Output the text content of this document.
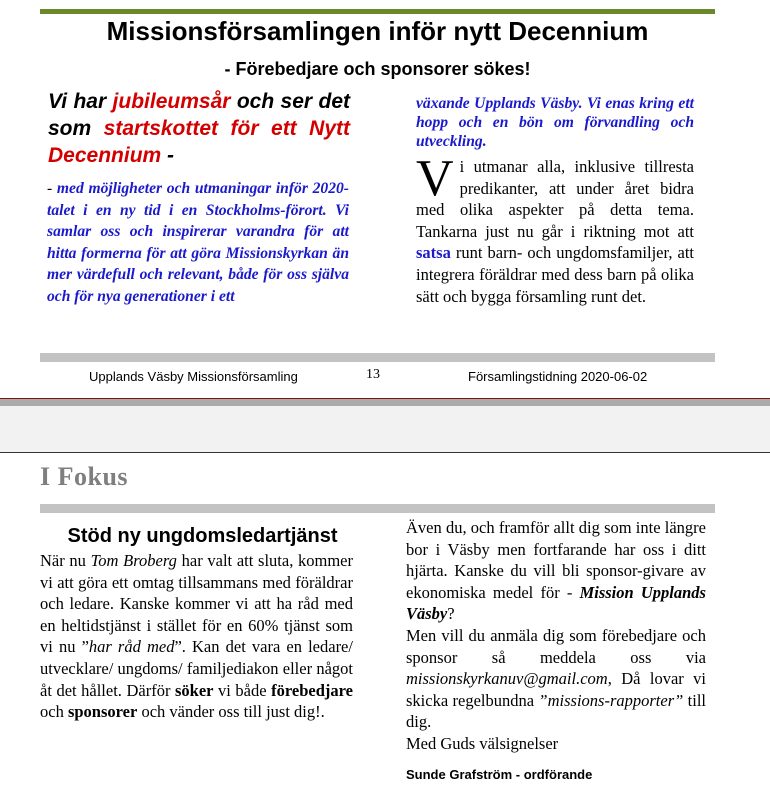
Missionsförsamlingen inför nytt Decennium
- Förebedjare och sponsorer sökes!
Vi har jubileumsår och ser det som startskottet för ett Nytt Decennium -
- med möjligheter och utmaningar inför 2020-talet i en ny tid i en Stockholms-förort. Vi samlar oss och inspirerar varandra för att hitta formerna för att göra Missionskyrkan än mer värdefull och relevant, både för oss själva och för nya generationer i ett
växande Upplands Väsby. Vi enas kring ett hopp och en bön om förvandling och utveckling.
Vi utmanar alla, inklusive tillresta predikanter, att under året bidra med olika aspekter på detta tema. Tankarna just nu går i riktning mot att satsa runt barn- och ungdomsfamiljer, att integrera föräldrar med dess barn på olika sätt och bygga församling runt det.
Upplands Väsby Missionsförsamling	13	Församlingstidning 2020-06-02
I Fokus
Stöd ny ungdomsledartjänst
När nu Tom Broberg har valt att sluta, kommer vi att göra ett omtag tillsammans med föräldrar och ledare. Kanske kommer vi att ha råd med en heltidstjänst i stället för en 60% tjänst som vi nu ”har råd med”. Kan det vara en ledare/ utvecklare/ ungdoms/ familjediakon eller något åt det hållet. Därför söker vi både förebedjare och sponsorer och vänder oss till just dig!.

Även du, och framför allt dig som inte längre bor i Väsby men fortfarande har oss i ditt hjärta. Kanske du vill bli sponsor-givare av ekonomiska medel för - Mission Upplands Väsby?

Men vill du anmäla dig som förebedjare och sponsor så meddela oss via missionskyrkanuv@gmail.com, Då lovar vi skicka regelbundna ”missions-rapporter” till dig.

Med Guds välsignelser

Sunde Grafström - ordförande
